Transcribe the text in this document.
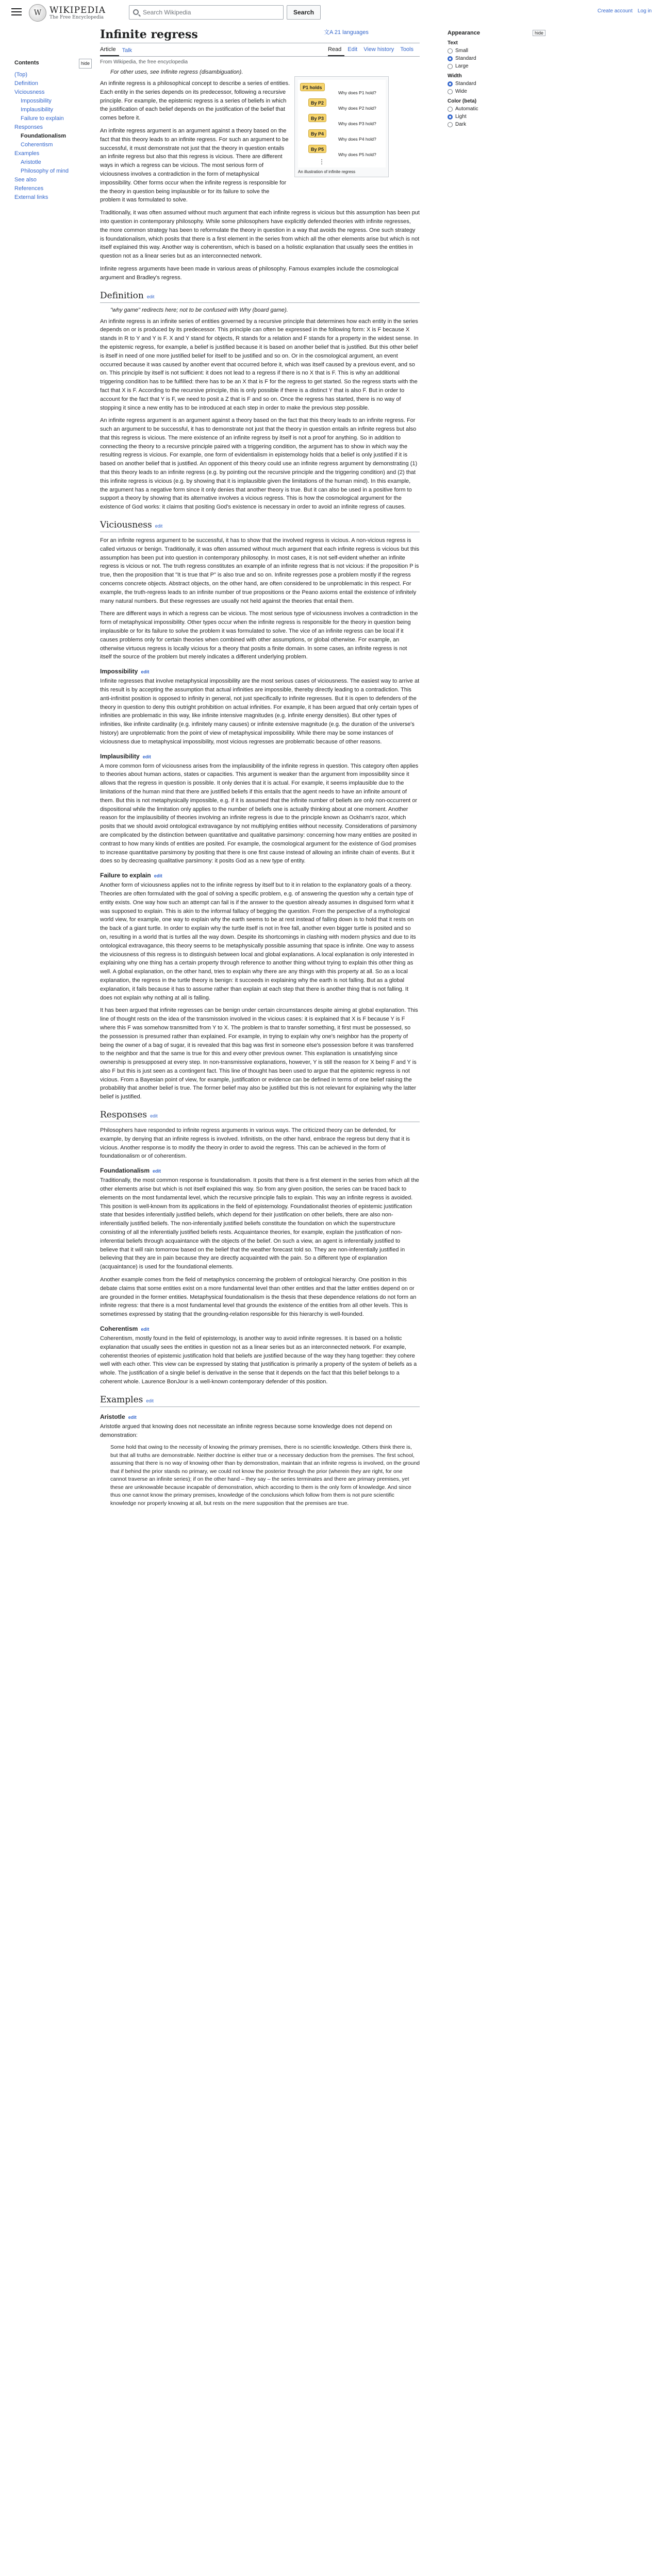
W WIKIPEDIA
The Free Encyclopedia
Search Wikipedia	Search	Create account Log in
Contents	hide
(Top)
Definition
Viciousness
Impossibility
Implausibility
Failure to explain
Responses
Foundationalism
Coherentism
Examples
Aristotle
Philosophy of mind
See also
References
External links
文A 21 languages
Infinite regress
Article	Talk	Read	Edit	View history	Tools
From Wikipedia, the free encyclopedia
For other uses, see Infinite regress (disambiguation).

An infinite regress is a philosophical concept to describe a series of entities. Each entity in the series depends on its predecessor, following a recursive principle. For example, the epistemic regress is a series of beliefs in which the justification of each belief depends on the justification of the belief that comes before it.

An infinite regress argument is an argument against a theory based on the fact that this theory leads to an infinite regress. For such an argument to be successful, it must demonstrate not just that the theory in question entails an infinite regress but also that this regress is vicious. There are different ways in which a regress can be vicious. The most serious form of viciousness involves a contradiction in the form of metaphysical impossibility. Other forms occur when the infinite regress is responsible for the theory in question being implausible or for its failure to solve the problem it was formulated to solve.

Traditionally, it was often assumed without much argument that each infinite regress is vicious but this assumption has been put into question in contemporary philosophy. While some philosophers have explicitly defended theories with infinite regresses, the more common strategy has been to reformulate the theory in question in a way that avoids the regress. One such strategy is foundationalism, which posits that there is a first element in the series from which all the other elements arise but which is not itself explained this way. Another way is coherentism, which is based on a holistic explanation that usually sees the entities in question not as a linear series but as an interconnected network.

Infinite regress arguments have been made in various areas of philosophy. Famous examples include the cosmological argument and Bradley's regress.

Definition edit
"why game" redirects here; not to be confused with Why (board game).

An infinite regress is an infinite series of entities governed by a recursive principle that determines how each entity in the series depends on or is produced by its predecessor. This principle can often be expressed in the following form: X is F because X stands in R to Y and Y is F. X and Y stand for objects, R stands for a relation and F stands for a property in the widest sense. In the epistemic regress, for example, a belief is justified because it is based on another belief that is justified. But this other belief is itself in need of one more justified belief for itself to be justified and so on. Or in the cosmological argument, an event occurred because it was caused by another event that occurred before it, which was itself caused by a previous event, and so on. This principle by itself is not sufficient: it does not lead to a regress if there is no X that is F. This is why an additional triggering condition has to be fulfilled: there has to be an X that is F for the regress to get started. So the regress starts with the fact that X is F. According to the recursive principle, this is only possible if there is a distinct Y that is also F. But in order to account for the fact that Y is F, we need to posit a Z that is F and so on. Once the regress has started, there is no way of stopping it since a new entity has to be introduced at each step in order to make the previous step possible.

An infinite regress argument is an argument against a theory based on the fact that this theory leads to an infinite regress. For such an argument to be successful, it has to demonstrate not just that the theory in question entails an infinite regress but also that this regress is vicious. The mere existence of an infinite regress by itself is not a proof for anything. So in addition to connecting the theory to a recursive principle paired with a triggering condition, the argument has to show in which way the resulting regress is vicious. For example, one form of evidentialism in epistemology holds that a belief is only justified if it is based on another belief that is justified. An opponent of this theory could use an infinite regress argument by demonstrating (1) that this theory leads to an infinite regress (e.g. by pointing out the recursive principle and the triggering condition) and (2) that this infinite regress is vicious (e.g. by showing that it is implausible given the limitations of the human mind). In this example, the argument has a negative form since it only denies that another theory is true. But it can also be used in a positive form to support a theory by showing that its alternative involves a vicious regress. This is how the cosmological argument for the existence of God works: it claims that positing God's existence is necessary in order to avoid an infinite regress of causes.

Viciousness edit

For an infinite regress argument to be successful, it has to show that the involved regress is vicious. A non-vicious regress is called virtuous or benign. Traditionally, it was often assumed without much argument that each infinite regress is vicious but this assumption has been put into question in contemporary philosophy. In most cases, it is not self-evident whether an infinite regress is vicious or not. The truth regress constitutes an example of an infinite regress that is not vicious: if the proposition P is true, then the proposition that "It is true that P" is also true and so on. Infinite regresses pose a problem mostly if the regress concerns concrete objects. Abstract objects, on the other hand, are often considered to be unproblematic in this respect. For example, the truth-regress leads to an infinite number of true propositions or the Peano axioms entail the existence of infinitely many natural numbers. But these regresses are usually not held against the theories that entail them.

There are different ways in which a regress can be vicious. The most serious type of viciousness involves a contradiction in the form of metaphysical impossibility. Other types occur when the infinite regress is responsible for the theory in question being implausible or for its failure to solve the problem it was formulated to solve. The vice of an infinite regress can be local if it causes problems only for certain theories when combined with other assumptions, or global otherwise. For example, an otherwise virtuous regress is locally vicious for a theory that posits a finite domain. In some cases, an infinite regress is not itself the source of the problem but merely indicates a different underlying problem.

Impossibility edit

Infinite regresses that involve metaphysical impossibility are the most serious cases of viciousness. The easiest way to arrive at this result is by accepting the assumption that actual infinities are impossible, thereby directly leading to a contradiction. This anti-infinitist position is opposed to infinity in general, not just specifically to infinite regresses. But it is open to defenders of the theory in question to deny this outright prohibition on actual infinities. For example, it has been argued that only certain types of infinities are problematic in this way, like infinite intensive magnitudes (e.g. infinite energy densities). But other types of infinities, like infinite cardinality (e.g. infinitely many causes) or infinite extensive magnitude (e.g. the duration of the universe's history) are unproblematic from the point of view of metaphysical impossibility. While there may be some instances of viciousness due to metaphysical impossibility, most vicious regresses are problematic because of other reasons.

Implausibility edit

A more common form of viciousness arises from the implausibility of the infinite regress in question. This category often applies to theories about human actions, states or capacities. This argument is weaker than the argument from impossibility since it allows that the regress in question is possible. It only denies that it is actual. For example, it seems implausible due to the limitations of the human mind that there are justified beliefs if this entails that the agent needs to have an infinite amount of them. But this is not metaphysically impossible, e.g. if it is assumed that the infinite number of beliefs are only non-occurrent or dispositional while the limitation only applies to the number of beliefs one is actually thinking about at one moment. Another reason for the implausibility of theories involving an infinite regress is due to the principle known as Ockham's razor, which posits that we should avoid ontological extravagance by not multiplying entities without necessity. Considerations of parsimony are complicated by the distinction between quantitative and qualitative parsimony: concerning how many entities are posited in contrast to how many kinds of entities are posited. For example, the cosmological argument for the existence of God promises to increase quantitative parsimony by positing that there is one first cause instead of allowing an infinite chain of events. But it does so by decreasing qualitative parsimony: it posits God as a new type of entity.

Failure to explain edit

Another form of viciousness applies not to the infinite regress by itself but to it in relation to the explanatory goals of a theory. Theories are often formulated with the goal of solving a specific problem, e.g. of answering the question why a certain type of entity exists. One way how such an attempt can fail is if the answer to the question already assumes in disguised form what it was supposed to explain. This is akin to the informal fallacy of begging the question. From the perspective of a mythological world view, for example, one way to explain why the earth seems to be at rest instead of falling down is to hold that it rests on the back of a giant turtle. In order to explain why the turtle itself is not in free fall, another even bigger turtle is posited and so on, resulting in a world that is turtles all the way down. Despite its shortcomings in clashing with modern physics and due to its ontological extravagance, this theory seems to be metaphysically possible assuming that space is infinite. One way to assess the viciousness of this regress is to distinguish between local and global explanations. A local explanation is only interested in explaining why one thing has a certain property through reference to another thing without trying to explain this other thing as well. A global explanation, on the other hand, tries to explain why there are any things with this property at all. So as a local explanation, the regress in the turtle theory is benign: it succeeds in explaining why the earth is not falling. But as a global explanation, it fails because it has to assume rather than explain at each step that there is another thing that is not falling. It does not explain why nothing at all is falling.

It has been argued that infinite regresses can be benign under certain circumstances despite aiming at global explanation. This line of thought rests on the idea of the transmission involved in the vicious cases: it is explained that X is F because Y is F where this F was somehow transmitted from Y to X. The problem is that to transfer something, it first must be possessed, so the possession is presumed rather than explained. For example, in trying to explain why one's neighbor has the property of being the owner of a bag of sugar, it is revealed that this bag was first in someone else's possession before it was transferred to the neighbor and that the same is true for this and every other previous owner. This explanation is unsatisfying since ownership is presupposed at every step. In non-transmissive explanations, however, Y is still the reason for X being F and Y is also F but this is just seen as a contingent fact. This line of thought has been used to argue that the epistemic regress is not vicious. From a Bayesian point of view, for example, justification or evidence can be defined in terms of one belief raising the probability that another belief is true. The former belief may also be justified but this is not relevant for explaining why the latter belief is justified.

Responses edit

Philosophers have responded to infinite regress arguments in various ways. The criticized theory can be defended, for example, by denying that an infinite regress is involved. Infinitists, on the other hand, embrace the regress but deny that it is vicious. Another response is to modify the theory in order to avoid the regress. This can be achieved in the form of foundationalism or of coherentism.

Foundationalism edit

Traditionally, the most common response is foundationalism. It posits that there is a first element in the series from which all the other elements arise but which is not itself explained this way. So from any given position, the series can be traced back to elements on the most fundamental level, which the recursive principle fails to explain. This way an infinite regress is avoided. This position is well-known from its applications in the field of epistemology. Foundationalist theories of epistemic justification state that besides inferentially justified beliefs, which depend for their justification on other beliefs, there are also non-inferentially justified beliefs. The non-inferentially justified beliefs constitute the foundation on which the superstructure consisting of all the inferentially justified beliefs rests. Acquaintance theories, for example, explain the justification of non-inferential beliefs through acquaintance with the objects of the belief. On such a view, an agent is inferentially justified to believe that it will rain tomorrow based on the belief that the weather forecast told so. They are non-inferentially justified in believing that they are in pain because they are directly acquainted with the pain. So a different type of explanation (acquaintance) is used for the foundational elements.

Another example comes from the field of metaphysics concerning the problem of ontological hierarchy. One position in this debate claims that some entities exist on a more fundamental level than other entities and that the latter entities depend on or are grounded in the former entities. Metaphysical foundationalism is the thesis that these dependence relations do not form an infinite regress: that there is a most fundamental level that grounds the existence of the entities from all other levels. This is sometimes expressed by stating that the grounding-relation responsible for this hierarchy is well-founded.

Coherentism edit

Coherentism, mostly found in the field of epistemology, is another way to avoid infinite regresses. It is based on a holistic explanation that usually sees the entities in question not as a linear series but as an interconnected network. For example, coherentist theories of epistemic justification hold that beliefs are justified because of the way they hang together: they cohere well with each other. This view can be expressed by stating that justification is primarily a property of the system of beliefs as a whole. The justification of a single belief is derivative in the sense that it depends on the fact that this belief belongs to a coherent whole. Laurence BonJour is a well-known contemporary defender of this position.

Examples edit
Aristotle edit

Aristotle argued that knowing does not necessitate an infinite regress because some knowledge does not depend on demonstration:

Some hold that owing to the necessity of knowing the primary premises, there is no scientific knowledge. Others think there is, but that all truths are demonstrable. Neither doctrine is either true or a necessary deduction from the premises. The first school, assuming that there is no way of knowing other than by demonstration, maintain that an infinite regress is involved, on the ground that if behind the prior stands no primary, we could not know the posterior through the prior (wherein they are right, for one cannot traverse an infinite series); if on the other hand – they say – the series terminates and there are primary premises, yet these are unknowable because incapable of demonstration, which according to them is the only form of knowledge. And since thus one cannot know the primary premises, knowledge of the conclusions which follow from them is not pure scientific knowledge nor properly knowing at all, but rests on the mere supposition that the premises are true.

P1 holds
By P2
By P3
By P4
By P5
Why does P1 hold?
Why does P2 hold?
Why does P3 hold?
Why does P4 hold?
Why does P5 hold?
⋮
An illustration of infinite regress
Appearance	hide
Text
Small
Standard
Large
Width
Standard
Wide
Color (beta)
Automatic
Light
Dark
